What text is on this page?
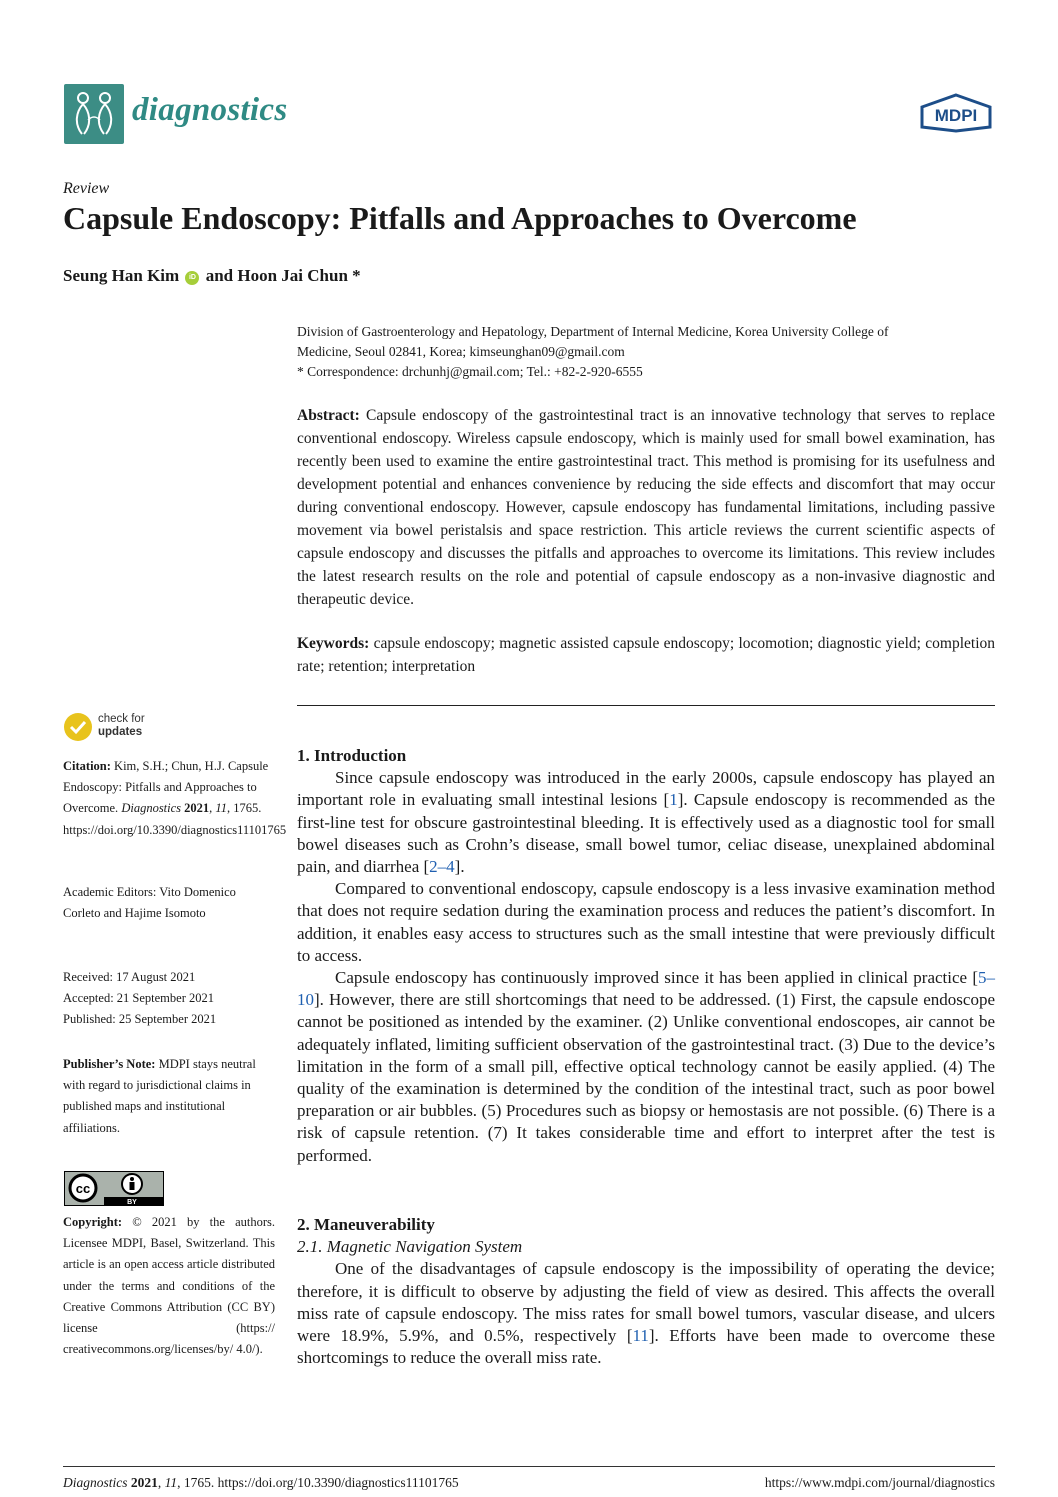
diagnostics	MDPI
Review
Capsule Endoscopy: Pitfalls and Approaches to Overcome
Seung Han Kim iD and Hoon Jai Chun *
Division of Gastroenterology and Hepatology, Department of Internal Medicine, Korea University College of
Medicine, Seoul 02841, Korea; kimseunghan09@gmail.com
* Correspondence: drchunhj@gmail.com; Tel.: +82-2-920-6555
Abstract: Capsule endoscopy of the gastrointestinal tract is an innovative technology that serves to replace conventional endoscopy. Wireless capsule endoscopy, which is mainly used for small bowel examination, has recently been used to examine the entire gastrointestinal tract. This method is promising for its usefulness and development potential and enhances convenience by reducing the side effects and discomfort that may occur during conventional endoscopy. However, capsule endoscopy has fundamental limitations, including passive movement via bowel peristalsis and space restriction. This article reviews the current scientific aspects of capsule endoscopy and discusses the pitfalls and approaches to overcome its limitations. This review includes the latest research results on the role and potential of capsule endoscopy as a non-invasive diagnostic and therapeutic device.
Keywords: capsule endoscopy; magnetic assisted capsule endoscopy; locomotion; diagnostic yield; completion rate; retention; interpretation
check for
updates
Citation: Kim, S.H.; Chun, H.J. Capsule Endoscopy: Pitfalls and Approaches to Overcome. Diagnostics 2021, 11, 1765. https://doi.org/10.3390/diagnostics11101765
Academic Editors: Vito Domenico Corleto and Hajime Isomoto
Received: 17 August 2021
Accepted: 21 September 2021
Published: 25 September 2021
Publisher’s Note: MDPI stays neutral with regard to jurisdictional claims in published maps and institutional affiliations.
cc
BY
Copyright: © 2021 by the authors. Licensee MDPI, Basel, Switzerland. This article is an open access article distributed under the terms and conditions of the Creative Commons Attribution (CC BY) license (https:// creativecommons.org/licenses/by/ 4.0/).
1. Introduction

Since capsule endoscopy was introduced in the early 2000s, capsule endoscopy has played an important role in evaluating small intestinal lesions [1]. Capsule endoscopy is recommended as the first-line test for obscure gastrointestinal bleeding. It is effectively used as a diagnostic tool for small bowel diseases such as Crohn’s disease, small bowel tumor, celiac disease, unexplained abdominal pain, and diarrhea [2–4].

Compared to conventional endoscopy, capsule endoscopy is a less invasive examination method that does not require sedation during the examination process and reduces the patient’s discomfort. In addition, it enables easy access to structures such as the small intestine that were previously difficult to access.

Capsule endoscopy has continuously improved since it has been applied in clinical practice [5–10]. However, there are still shortcomings that need to be addressed. (1) First, the capsule endoscope cannot be positioned as intended by the examiner. (2) Unlike conventional endoscopes, air cannot be adequately inflated, limiting sufficient observation of the gastrointestinal tract. (3) Due to the device’s limitation in the form of a small pill, effective optical technology cannot be easily applied. (4) The quality of the examination is determined by the condition of the intestinal tract, such as poor bowel preparation or air bubbles. (5) Procedures such as biopsy or hemostasis are not possible. (6) There is a risk of capsule retention. (7) It takes considerable time and effort to interpret after the test is performed.

2. Maneuverability
2.1. Magnetic Navigation System

One of the disadvantages of capsule endoscopy is the impossibility of operating the device; therefore, it is difficult to observe by adjusting the field of view as desired. This affects the overall miss rate of capsule endoscopy. The miss rates for small bowel tumors, vascular disease, and ulcers were 18.9%, 5.9%, and 0.5%, respectively [11]. Efforts have been made to overcome these shortcomings to reduce the overall miss rate.

Diagnostics 2021, 11, 1765. https://doi.org/10.3390/diagnostics11101765	https://www.mdpi.com/journal/diagnostics
